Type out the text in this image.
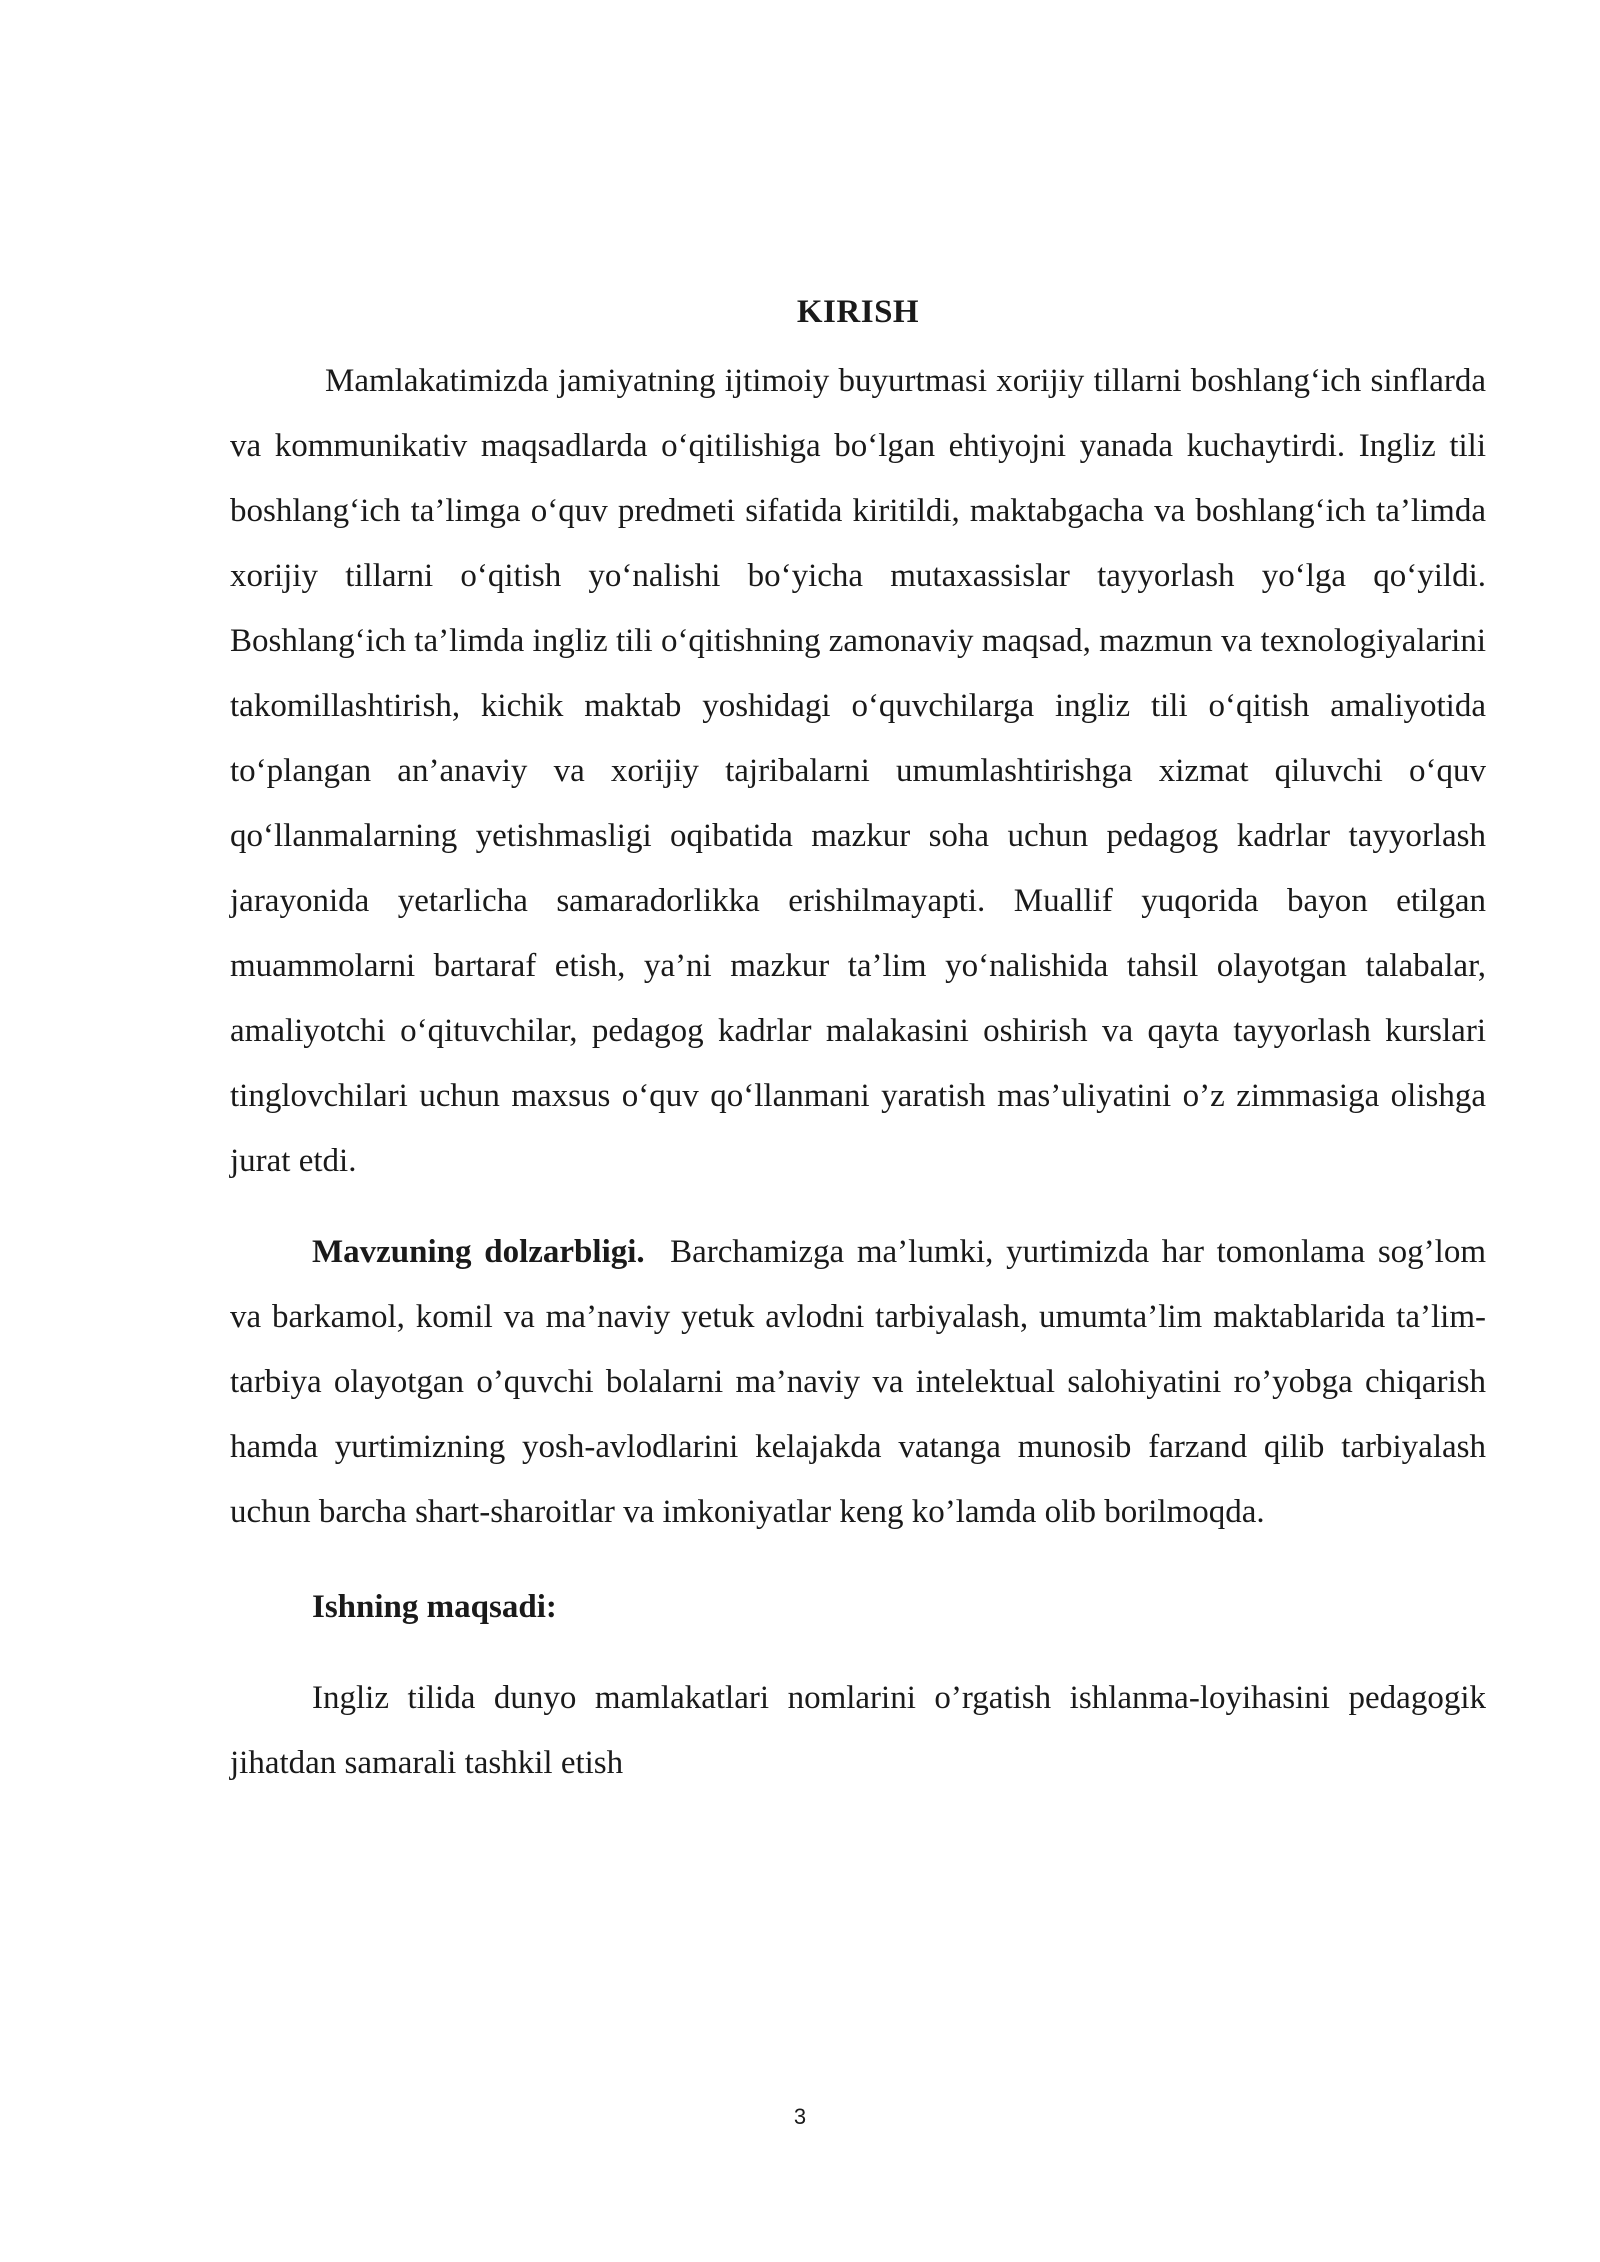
KIRISH

Mamlakatimizda jamiyatning ijtimoiy buyurtmasi xorijiy tillarni boshlang‘ich sinflarda va kommunikativ maqsadlarda o‘qitilishiga bo‘lgan ehtiyojni yanada kuchaytirdi. Ingliz tili boshlang‘ich ta’limga o‘quv predmeti sifatida kiritildi, maktabgacha va boshlang‘ich ta’limda xorijiy tillarni o‘qitish yo‘nalishi bo‘yicha mutaxassislar tayyorlash yo‘lga qo‘yildi. Boshlang‘ich ta’limda ingliz tili o‘qitishning zamonaviy maqsad, mazmun va texnologiyalarini takomillashtirish, kichik maktab yoshidagi o‘quvchilarga ingliz tili o‘qitish amaliyotida to‘plangan an’anaviy va xorijiy tajribalarni umumlashtirishga xizmat qiluvchi o‘quv qo‘llanmalarning yetishmasligi oqibatida mazkur soha uchun pedagog kadrlar tayyorlash jarayonida yetarlicha samaradorlikka erishilmayapti. Muallif yuqorida bayon etilgan muammolarni bartaraf etish, ya’ni mazkur ta’lim yo‘nalishida tahsil olayotgan talabalar, amaliyotchi o‘qituvchilar, pedagog kadrlar malakasini oshirish va qayta tayyorlash kurslari tinglovchilari uchun maxsus o‘quv qo‘llanmani yaratish mas’uliyatini o’z zimmasiga olishga jurat etdi.

Mavzuning dolzarbligi. Barchamizga ma’lumki, yurtimizda har tomonlama sog’lom va barkamol, komil va ma’naviy yetuk avlodni tarbiyalash, umumta’lim maktablarida ta’lim-tarbiya olayotgan o’quvchi bolalarni ma’naviy va intelektual salohiyatini ro’yobga chiqarish hamda yurtimizning yosh-avlodlarini kelajakda vatanga munosib farzand qilib tarbiyalash uchun barcha shart-sharoitlar va imkoniyatlar keng ko’lamda olib borilmoqda.

Ishning maqsadi:

Ingliz tilida dunyo mamlakatlari nomlarini o’rgatish ishlanma-loyihasini pedagogik jihatdan samarali tashkil etish

3
